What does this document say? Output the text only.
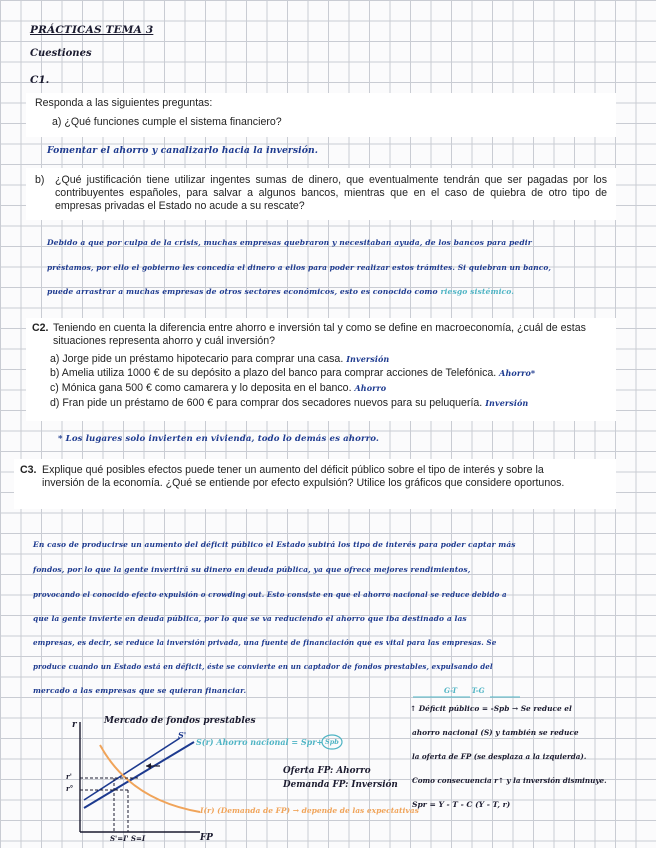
PRÁCTICAS TEMA 3
Cuestiones
C1.
Responda a las siguientes preguntas:
a) ¿Qué funciones cumple el sistema financiero?
Fomentar el ahorro y canalizarlo hacia la inversión.
b) ¿Qué justificación tiene utilizar ingentes sumas de dinero, que eventualmente tendrán que ser pagadas por los contribuyentes españoles, para salvar a algunos bancos, mientras que en el caso de quiebra de otro tipo de empresas privadas el Estado no acude a su rescate?
Debido a que por culpa de la crisis, muchas empresas quebraron y necesitaban ayuda, de los bancos para pedir
préstamos, por ello el gobierno les concedía el dinero a ellos para poder realizar estos trámites. Si quiebran un banco,
puede arrastrar a muchas empresas de otros sectores económicos, esto es conocido como riesgo sistémico.
C2. Teniendo en cuenta la diferencia entre ahorro e inversión tal y como se define en macroeconomía, ¿cuál de estas situaciones representa ahorro y cuál inversión?
a) Jorge pide un préstamo hipotecario para comprar una casa. Inversión
b) Amelia utiliza 1000 € de su depósito a plazo del banco para comprar acciones de Telefónica. Ahorro*
c) Mónica gana 500 € como camarera y lo deposita en el banco. Ahorro
d) Fran pide un préstamo de 600 € para comprar dos secadores nuevos para su peluquería. Inversión
* Los lugares solo invierten en vivienda, todo lo demás es ahorro.
C3. Explique qué posibles efectos puede tener un aumento del déficit público sobre el tipo de interés y sobre la inversión de la economía. ¿Qué se entiende por efecto expulsión? Utilice los gráficos que considere oportunos.
En caso de producirse un aumento del déficit público el Estado subirá los tipo de interés para poder captar más
fondos, por lo que la gente invertirá su dinero en deuda pública, ya que ofrece mejores rendimientos,
provocando el conocido efecto expulsión o crowding out. Esto consiste en que el ahorro nacional se reduce debido a
que la gente invierte en deuda pública, por lo que se va reduciendo el ahorro que iba destinado a las
empresas, es decir, se reduce la inversión privada, una fuente de financiación que es vital para las empresas. Se
produce cuando un Estado está en déficit, éste se convierte en un captador de fondos prestables, expulsando del
mercado a las empresas que se quieran financiar.
Mercado de fondos prestables
r
FP
S(r) Ahorro nacional = Spr+ Spb
S'
I(r) (Demanda de FP) → depende de las expectativas
r'
r°
S'=I' S=I
Oferta FP: Ahorro
Demanda FP: Inversión
G-T      T-G
↑ Déficit público = -Spb → Se reduce el
ahorro nacional (S) y también se reduce
la oferta de FP (se desplaza a la izquierda).
Como consecuencia r↑ y la inversión disminuye.
Spr = Y - T - C (Y - T, r)
